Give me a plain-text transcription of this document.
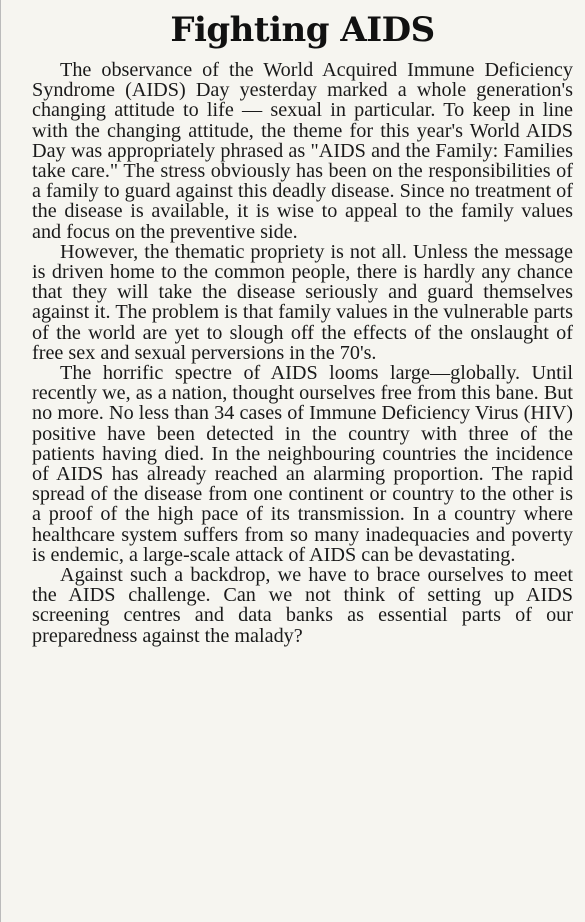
Fighting AIDS

The observance of the World Acquired Immune Deficiency Syndrome (AIDS) Day yesterday marked a whole generation's changing attitude to life — sexual in particular. To keep in line with the changing attitude, the theme for this year's World AIDS Day was appropriately phrased as "AIDS and the Family: Families take care." The stress obviously has been on the responsibilities of a family to guard against this deadly disease. Since no treatment of the disease is available, it is wise to appeal to the family values and focus on the preventive side.

However, the thematic propriety is not all. Unless the message is driven home to the common people, there is hardly any chance that they will take the disease seriously and guard themselves against it. The problem is that family values in the vulnerable parts of the world are yet to slough off the effects of the onslaught of free sex and sexual perversions in the 70's.

The horrific spectre of AIDS looms large—globally. Until recently we, as a nation, thought ourselves free from this bane. But no more. No less than 34 cases of Immune Deficiency Virus (HIV) positive have been detected in the country with three of the patients having died. In the neighbouring countries the incidence of AIDS has already reached an alarming proportion. The rapid spread of the disease from one continent or country to the other is a proof of the high pace of its transmission. In a country where healthcare system suffers from so many inadequacies and poverty is endemic, a large-scale attack of AIDS can be devastating.

Against such a backdrop, we have to brace ourselves to meet the AIDS challenge. Can we not think of setting up AIDS screening centres and data banks as essential parts of our preparedness against the malady?
